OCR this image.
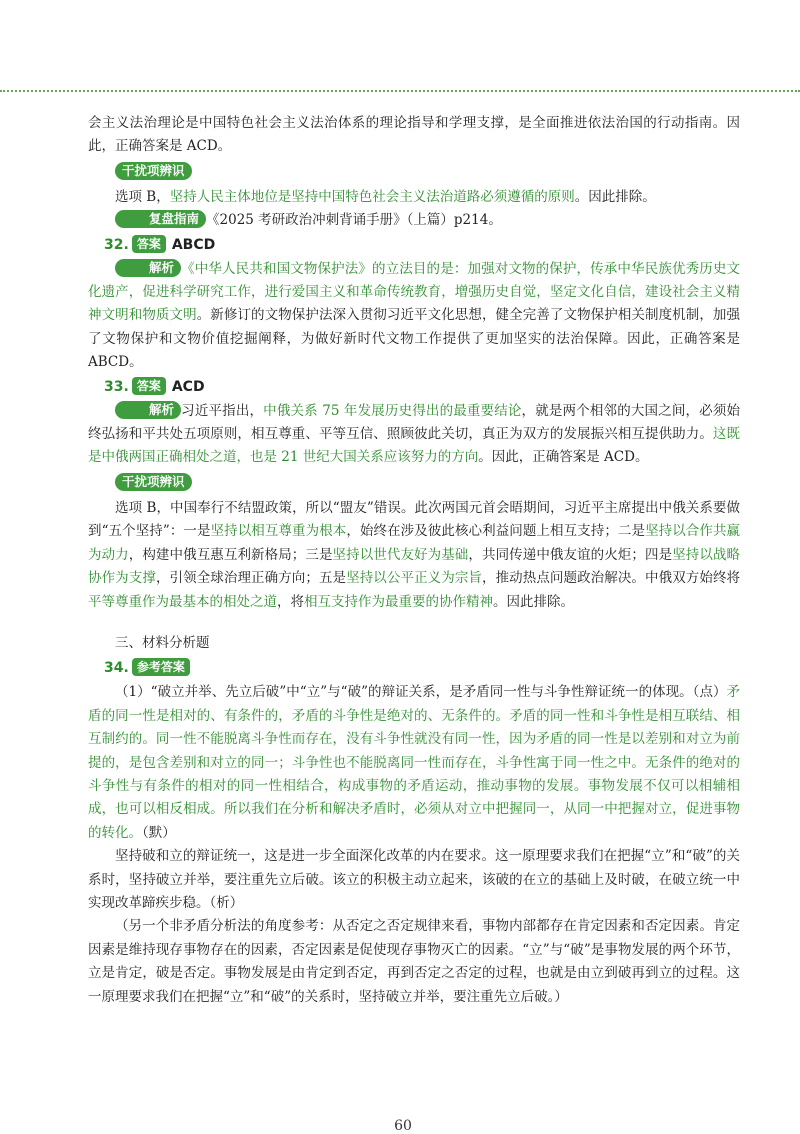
会主义法治理论是中国特色社会主义法治体系的理论指导和学理支撑，是全面推进依法治国的行动指南。因此，正确答案是 ACD。

干扰项辨识

选项 B，坚持人民主体地位是坚持中国特色社会主义法治道路必须遵循的原则。因此排除。

复盘指南 《2025 考研政治冲刺背诵手册》（上篇）p214。

32. 答案 ABCD

解析 《中华人民共和国文物保护法》的立法目的是：加强对文物的保护，传承中华民族优秀历史文化遗产，促进科学研究工作，进行爱国主义和革命传统教育，增强历史自觉，坚定文化自信，建设社会主义精神文明和物质文明。新修订的文物保护法深入贯彻习近平文化思想，健全完善了文物保护相关制度机制，加强了文物保护和文物价值挖掘阐释，为做好新时代文物工作提供了更加坚实的法治保障。因此，正确答案是 ABCD。

33. 答案 ACD

解析 习近平指出，中俄关系 75 年发展历史得出的最重要结论，就是两个相邻的大国之间，必须始终弘扬和平共处五项原则，相互尊重、平等互信、照顾彼此关切，真正为双方的发展振兴相互提供助力。这既是中俄两国正确相处之道，也是 21 世纪大国关系应该努力的方向。因此，正确答案是 ACD。

干扰项辨识

选项 B，中国奉行不结盟政策，所以“盟友”错误。此次两国元首会晤期间，习近平主席提出中俄关系要做到“五个坚持”：一是坚持以相互尊重为根本，始终在涉及彼此核心利益问题上相互支持；二是坚持以合作共赢为动力，构建中俄互惠互利新格局；三是坚持以世代友好为基础，共同传递中俄友谊的火炬；四是坚持以战略协作为支撑，引领全球治理正确方向；五是坚持以公平正义为宗旨，推动热点问题政治解决。中俄双方始终将平等尊重作为最基本的相处之道，将相互支持作为最重要的协作精神。因此排除。

三、材料分析题

34. 参考答案

（1）“破立并举、先立后破”中“立”与“破”的辩证关系，是矛盾同一性与斗争性辩证统一的体现。（点）矛盾的同一性是相对的、有条件的，矛盾的斗争性是绝对的、无条件的。矛盾的同一性和斗争性是相互联结、相互制约的。同一性不能脱离斗争性而存在，没有斗争性就没有同一性，因为矛盾的同一性是以差别和对立为前提的，是包含差别和对立的同一；斗争性也不能脱离同一性而存在，斗争性寓于同一性之中。无条件的绝对的斗争性与有条件的相对的同一性相结合，构成事物的矛盾运动，推动事物的发展。事物发展不仅可以相辅相成，也可以相反相成。所以我们在分析和解决矛盾时，必须从对立中把握同一，从同一中把握对立，促进事物的转化。（默）

坚持破和立的辩证统一，这是进一步全面深化改革的内在要求。这一原理要求我们在把握“立”和“破”的关系时，坚持破立并举，要注重先立后破。该立的积极主动立起来，该破的在立的基础上及时破，在破立统一中实现改革蹄疾步稳。（析）

（另一个非矛盾分析法的角度参考：从否定之否定规律来看，事物内部都存在肯定因素和否定因素。肯定因素是维持现存事物存在的因素，否定因素是促使现存事物灭亡的因素。“立”与“破”是事物发展的两个环节，立是肯定，破是否定。事物发展是由肯定到否定，再到否定之否定的过程，也就是由立到破再到立的过程。这一原理要求我们在把握“立”和“破”的关系时，坚持破立并举，要注重先立后破。）

60
